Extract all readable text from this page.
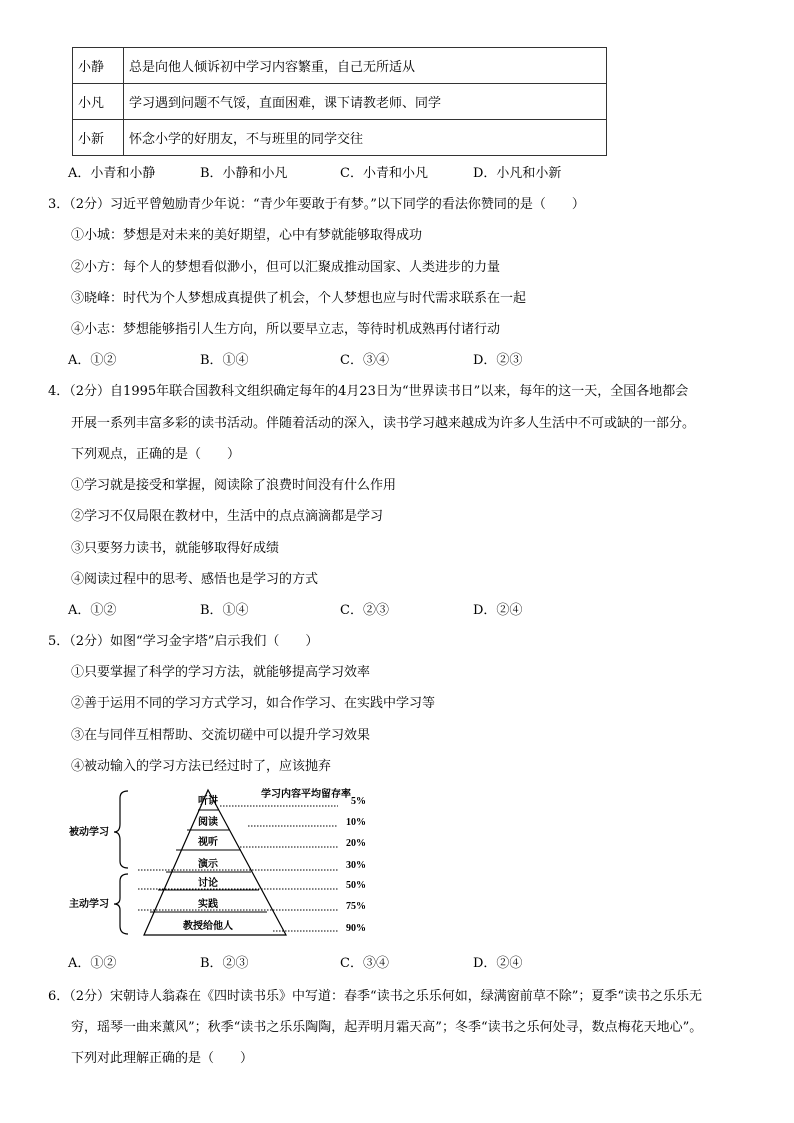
小静	总是向他人倾诉初中学习内容繁重，自己无所适从
小凡	学习遇到问题不气馁，直面困难，课下请教老师、同学
小新	怀念小学的好朋友，不与班里的同学交往
A．小青和小静	B．小静和小凡	C．小青和小凡	D．小凡和小新
3．（2分）习近平曾勉励青少年说：“青少年要敢于有梦。”以下同学的看法你赞同的是（　　）
①小城：梦想是对未来的美好期望，心中有梦就能够取得成功
②小方：每个人的梦想看似渺小，但可以汇聚成推动国家、人类进步的力量
③晓峰：时代为个人梦想成真提供了机会，个人梦想也应与时代需求联系在一起
④小志：梦想能够指引人生方向，所以要早立志，等待时机成熟再付诸行动
A．①②	B．①④	C．③④	D．②③
4．（2分）自1995年联合国教科文组织确定每年的4月23日为“世界读书日”以来，每年的这一天，全国各地都会
开展一系列丰富多彩的读书活动。伴随着活动的深入，读书学习越来越成为许多人生活中不可或缺的一部分。
下列观点，正确的是（　　）
①学习就是接受和掌握，阅读除了浪费时间没有什么作用
②学习不仅局限在教材中，生活中的点点滴滴都是学习
③只要努力读书，就能够取得好成绩
④阅读过程中的思考、感悟也是学习的方式
A．①②	B．①④	C．②③	D．②④
5．（2分）如图“学习金字塔”启示我们（　　）
①只要掌握了科学的学习方法，就能够提高学习效率
②善于运用不同的学习方式学习，如合作学习、在实践中学习等
③在与同伴互相帮助、交流切磋中可以提升学习效果
④被动输入的学习方法已经过时了，应该抛弃
学习内容平均留存率
被动学习
主动学习
听讲
阅读
视听
演示
讨论
实践
教授给他人
5%
10%
20%
30%
50%
75%
90%
A．①②	B．②③	C．③④	D．②④
6．（2分）宋朝诗人翁森在《四时读书乐》中写道：春季“读书之乐乐何如，绿满窗前草不除”；夏季“读书之乐乐无
穷，瑶琴一曲来薰风”；秋季“读书之乐乐陶陶，起弄明月霜天高”；冬季“读书之乐何处寻，数点梅花天地心”。
下列对此理解正确的是（　　）
